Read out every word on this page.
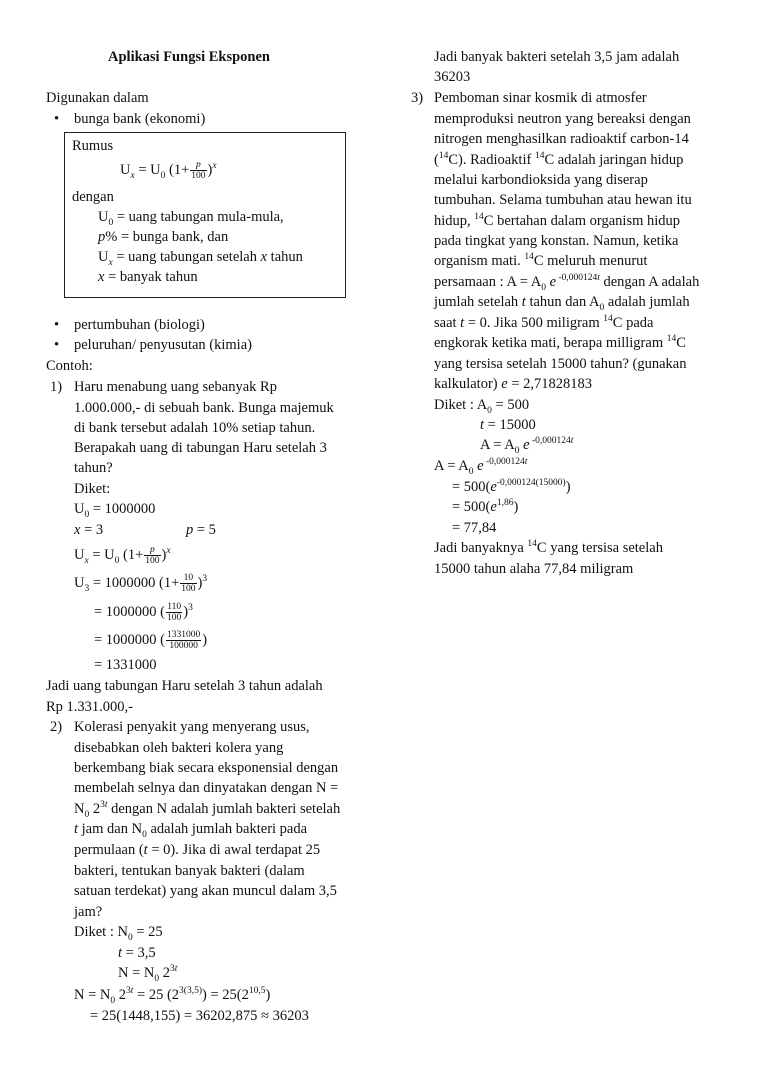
Aplikasi Fungsi Eksponen
Digunakan dalam
• bunga bank (ekonomi)
Rumus
$U_x = U_0$ $(1+ \frac{p}{100} )^x$
dengan
$U_0$ = uang tabungan mula-mula,
p% = bunga bank, dan
$U_x$ = uang tabungan setelah x tahun
x = banyak tahun
• pertumbuhan (biologi)
• peluruhan/ penyusutan (kimia)
Contoh:
1) Haru menabung uang sebanyak Rp
1.000.000,- di sebuah bank. Bunga majemuk
di bank tersebut adalah 10% setiap tahun.
Berapakah uang di tabungan Haru setelah 3
tahun?
Diket:
$U_0 = 1000000$
x = 3	p = 5
$U_x = U_0$ $(1+ \frac{p}{100} )^x$
$U_3 = 1000000$ $(1+ \frac{10}{100} )^3$
= 1000000 ( $\frac{110}{100} )^3$
= 1000000 ( $\frac{1331000}{100000}$ )
= 1331000
Jadi uang tabungan Haru setelah 3 tahun adalah
Rp 1.331.000,-
2) Kolerasi penyakit yang menyerang usus,
disebabkan oleh bakteri kolera yang
berkembang biak secara eksponensial dengan
membelah selnya dan dinyatakan dengan N =
$N_0$ $2^{3t}$ dengan N adalah jumlah bakteri setelah
t jam dan $N_0$ adalah jumlah bakteri pada
permulaan (t = 0). Jika di awal terdapat 25
bakteri, tentukan banyak bakteri (dalam
satuan terdekat) yang akan muncul dalam 3,5
jam?
Diket : $N_0 = 25$
t = 3,5
$N = N_0$ $2^{3t}$
$N = N_0$ $2^{3t} = 25$ $(2^{3(3,5)}) = 25(2^{10,5})$
= 25(1448,155) = 36202,875 ≈ 36203
Jadi banyak bakteri setelah 3,5 jam adalah
36203
3) Pemboman sinar kosmik di atmosfer
memproduksi neutron yang bereaksi dengan
nitrogen menghasilkan radioaktif carbon-14
($^{14}$C). Radioaktif $^{14}$C adalah jaringan hidup
melalui karbondioksida yang diserap
tumbuhan. Selama tumbuhan atau hewan itu
hidup, $^{14}$C bertahan dalam organism hidup
pada tingkat yang konstan. Namun, ketika
organism mati. $^{14}$C meluruh menurut
persamaan : $A = A_0$ e $^{-0,000124t}$ dengan A adalah
jumlah setelah t tahun dan $A_0$ adalah jumlah
saat t = 0. Jika 500 miligram $^{14}$C pada
engkorak ketika mati, berapa milligram $^{14}$C
yang tersisa setelah 15000 tahun? (gunakan
kalkulator) e = 2,71828183
Diket : $A_0 = 500$
t = 15000
$A = A_0$ e $^{-0,000124t}$
$A = A_0$ e $^{-0,000124t}$
= $500(e^{-0,000124(15000)})$
= $500(e^{1,86})$
= 77,84
Jadi banyaknya $^{14}$C yang tersisa setelah
15000 tahun alaha 77,84 miligram
